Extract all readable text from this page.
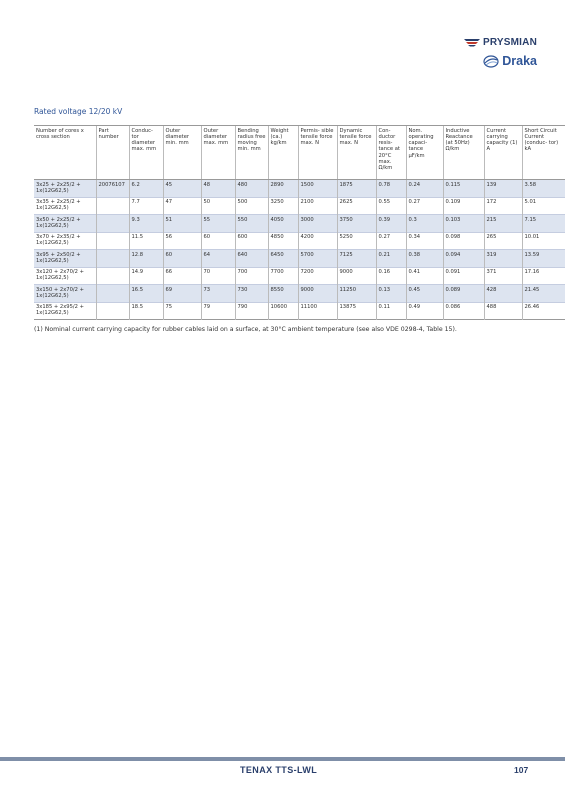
PRYSMIAN
Draka
Rated voltage 12/20 kV
Number of cores x cross section	Part number	Conduc- tor diameter max. mm	Outer diameter min. mm	Outer diameter max. mm	Bending radius free moving min. mm	Weight (ca.) kg/km	Permis- sible tensile force max. N	Dynamic tensile force max. N	Con- ductor resis- tance at 20°C max. Ω/km	Nom. operating capaci- tance µF/km	Inductive Reactance (at 50Hz) Ω/km	Current carrying capacity (1) A	Short Circuit Current (conduc- tor) kA
3x25 + 2x25/2 + 1x(12G62,5)	20076107	6.2	45	48	480	2890	1500	1875	0.78	0.24	0.115	139	3.58
3x35 + 2x25/2 + 1x(12G62,5)		7.7	47	50	500	3250	2100	2625	0.55	0.27	0.109	172	5.01
3x50 + 2x25/2 + 1x(12G62,5)		9.3	51	55	550	4050	3000	3750	0.39	0.3	0.103	215	7.15
3x70 + 2x35/2 + 1x(12G62,5)		11.5	56	60	600	4850	4200	5250	0.27	0.34	0.098	265	10.01
3x95 + 2x50/2 + 1x(12G62,5)		12.8	60	64	640	6450	5700	7125	0.21	0.38	0.094	319	13.59
3x120 + 2x70/2 + 1x(12G62,5)		14.9	66	70	700	7700	7200	9000	0.16	0.41	0.091	371	17.16
3x150 + 2x70/2 + 1x(12G62,5)		16.5	69	73	730	8550	9000	11250	0.13	0.45	0.089	428	21.45
3x185 + 2x95/2 + 1x(12G62,5)		18.5	75	79	790	10600	11100	13875	0.11	0.49	0.086	488	26.46
(1) Nominal current carrying capacity for rubber cables laid on a surface, at 30°C ambient temperature (see also VDE 0298-4, Table 15).
TENAX TTS-LWL	107
